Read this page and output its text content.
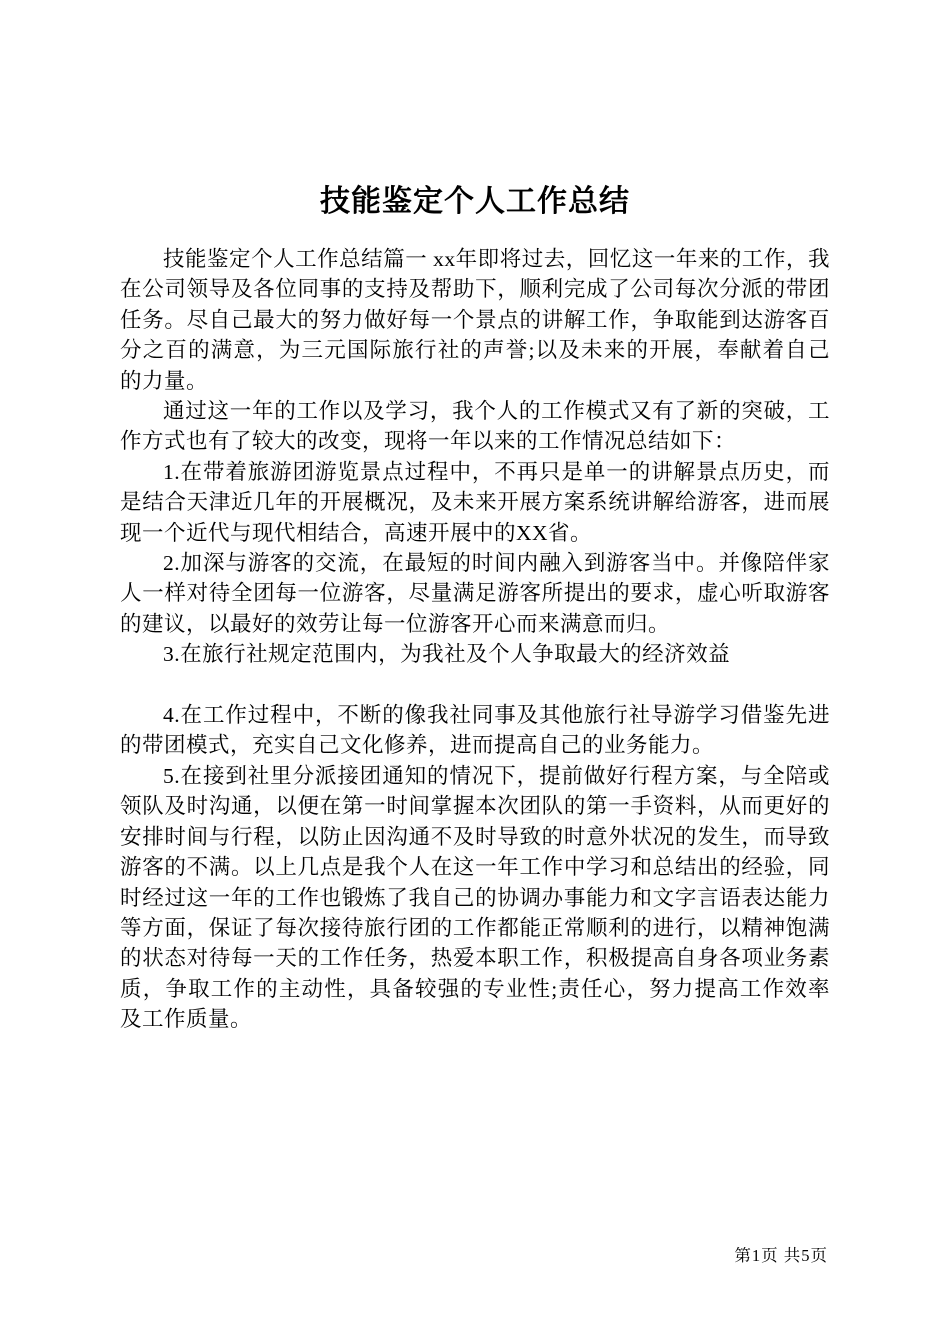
技能鉴定个人工作总结

技能鉴定个人工作总结篇一 xx年即将过去，回忆这一年来的工作，我在公司领导及各位同事的支持及帮助下，顺利完成了公司每次分派的带团任务。尽自己最大的努力做好每一个景点的讲解工作，争取能到达游客百分之百的满意，为三元国际旅行社的声誉;以及未来的开展，奉献着自己的力量。

通过这一年的工作以及学习，我个人的工作模式又有了新的突破，工作方式也有了较大的改变，现将一年以来的工作情况总结如下：

1.在带着旅游团游览景点过程中，不再只是单一的讲解景点历史，而是结合天津近几年的开展概况，及未来开展方案系统讲解给游客，进而展现一个近代与现代相结合，高速开展中的XX省。

2.加深与游客的交流，在最短的时间内融入到游客当中。并像陪伴家人一样对待全团每一位游客，尽量满足游客所提出的要求，虚心听取游客的建议，以最好的效劳让每一位游客开心而来满意而归。

3.在旅行社规定范围内，为我社及个人争取最大的经济效益

4.在工作过程中，不断的像我社同事及其他旅行社导游学习借鉴先进的带团模式，充实自己文化修养，进而提高自己的业务能力。

5.在接到社里分派接团通知的情况下，提前做好行程方案，与全陪或领队及时沟通，以便在第一时间掌握本次团队的第一手资料，从而更好的安排时间与行程，以防止因沟通不及时导致的时意外状况的发生，而导致游客的不满。以上几点是我个人在这一年工作中学习和总结出的经验，同时经过这一年的工作也锻炼了我自己的协调办事能力和文字言语表达能力等方面，保证了每次接待旅行团的工作都能正常顺利的进行，以精神饱满的状态对待每一天的工作任务，热爱本职工作，积极提高自身各项业务素质，争取工作的主动性，具备较强的专业性;责任心，努力提高工作效率及工作质量。

第1页 共5页
